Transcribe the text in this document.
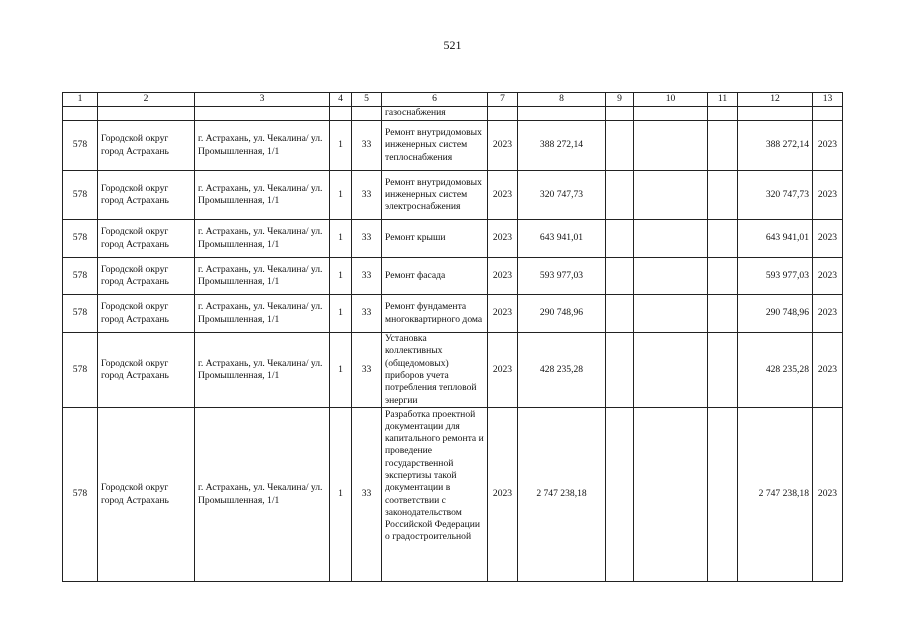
521
1	2	3	4	5	6	7	8	9	10	11	12	13
					газоснабжения							
578	Городской округ город Астрахань	г. Астрахань, ул. Чекалина/ ул. Промышленная, 1/1	1	33	Ремонт внутридомовых инженерных систем теплоснабжения	2023	388 272,14				388 272,14	2023
578	Городской округ город Астрахань	г. Астрахань, ул. Чекалина/ ул. Промышленная, 1/1	1	33	Ремонт внутридомовых инженерных систем электроснабжения	2023	320 747,73				320 747,73	2023
578	Городской округ город Астрахань	г. Астрахань, ул. Чекалина/ ул. Промышленная, 1/1	1	33	Ремонт крыши	2023	643 941,01				643 941,01	2023
578	Городской округ город Астрахань	г. Астрахань, ул. Чекалина/ ул. Промышленная, 1/1	1	33	Ремонт фасада	2023	593 977,03				593 977,03	2023
578	Городской округ город Астрахань	г. Астрахань, ул. Чекалина/ ул. Промышленная, 1/1	1	33	Ремонт фундамента многоквартирного дома	2023	290 748,96				290 748,96	2023
578	Городской округ город Астрахань	г. Астрахань, ул. Чекалина/ ул. Промышленная, 1/1	1	33	Установка коллективных (общедомовых) приборов учета потребления тепловой энергии	2023	428 235,28				428 235,28	2023
578	Городской округ город Астрахань	г. Астрахань, ул. Чекалина/ ул. Промышленная, 1/1	1	33	Разработка проектной документации для капитального ремонта и проведение государственной экспертизы такой документации в соответствии с законодательством Российской Федерации о градостроительной	2023	2 747 238,18				2 747 238,18	2023
